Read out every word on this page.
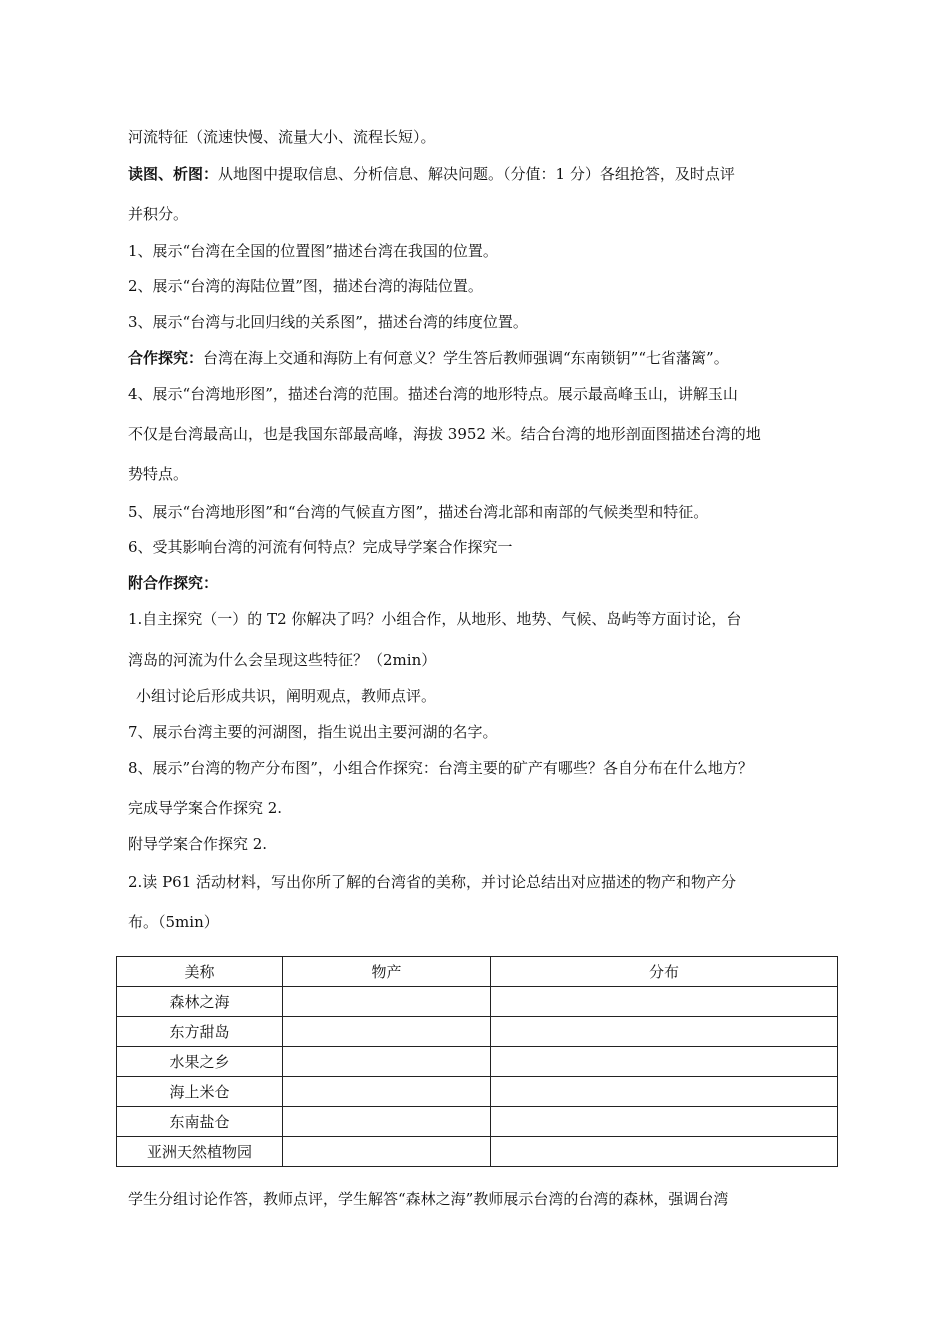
河流特征（流速快慢、流量大小、流程长短）。
读图、析图：从地图中提取信息、分析信息、解决问题。（分值：1 分）各组抢答，及时点评
并积分。
1、展示“台湾在全国的位置图”描述台湾在我国的位置。
2、展示“台湾的海陆位置”图，描述台湾的海陆位置。
3、展示“台湾与北回归线的关系图”，描述台湾的纬度位置。
合作探究：台湾在海上交通和海防上有何意义？学生答后教师强调“东南锁钥”“七省藩篱”。
4、展示“台湾地形图”，描述台湾的范围。描述台湾的地形特点。展示最高峰玉山，讲解玉山
不仅是台湾最高山，也是我国东部最高峰，海拔 3952 米。结合台湾的地形剖面图描述台湾的地
势特点。
5、展示“台湾地形图”和“台湾的气候直方图”，描述台湾北部和南部的气候类型和特征。
6、受其影响台湾的河流有何特点？完成导学案合作探究一
附合作探究：
1.自主探究（一）的 T2 你解决了吗？小组合作，从地形、地势、气候、岛屿等方面讨论，台
湾岛的河流为什么会呈现这些特征？（2min）
小组讨论后形成共识，阐明观点，教师点评。
7、展示台湾主要的河湖图，指生说出主要河湖的名字。
8、展示”台湾的物产分布图”，小组合作探究：台湾主要的矿产有哪些？各自分布在什么地方？
完成导学案合作探究 2.
附导学案合作探究 2.
2.读 P61 活动材料，写出你所了解的台湾省的美称，并讨论总结出对应描述的物产和物产分
布。（5min）
美称	物产	分布
森林之海		
东方甜岛		
水果之乡		
海上米仓		
东南盐仓		
亚洲天然植物园		
学生分组讨论作答，教师点评，学生解答“森林之海”教师展示台湾的台湾的森林，强调台湾
